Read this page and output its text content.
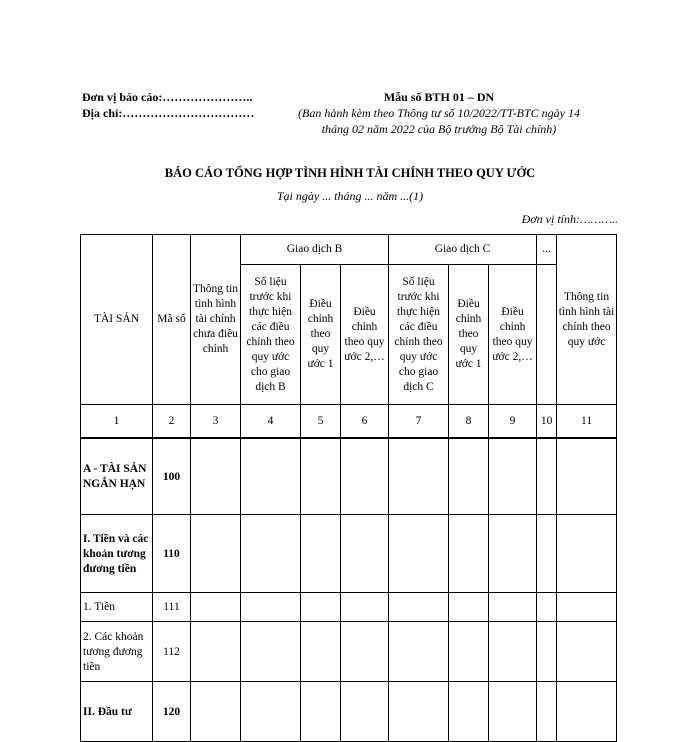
Đơn vị báo cáo:…………………..
Địa chỉ:……………………………
Mẫu số BTH 01 – DN
(Ban hành kèm theo Thông tư số 10/2022/TT-BTC ngày 14 tháng 02 năm 2022 của Bộ trưởng Bộ Tài chính)
BÁO CÁO TỔNG HỢP TÌNH HÌNH TÀI CHÍNH THEO QUY ƯỚC
Tại ngày ... tháng ... năm ...(1)
Đơn vị tính:………..
TÀI SẢN	Mã số	Thông tin tình hình tài chính chưa điều chỉnh	Giao dịch B			Giao dịch C			...	Thông tin tình hình tài chính theo quy ước
			Số liệu trước khi thực hiện các điều chỉnh theo quy ước cho giao dịch B	Điều chỉnh theo quy ước 1	Điều chỉnh theo quy ước 2,…	Số liệu trước khi thực hiện các điều chỉnh theo quy ước cho giao dịch C	Điều chỉnh theo quy ước 1	Điều chỉnh theo quy ước 2,…		
1	2	3	4	5	6	7	8	9	10	11
A - TÀI SẢN NGẮN HẠN	100									
I. Tiền và các khoản tương đương tiền	110									
1. Tiền	111									
2. Các khoản tương đương tiền	112									
II. Đầu tư	120									
